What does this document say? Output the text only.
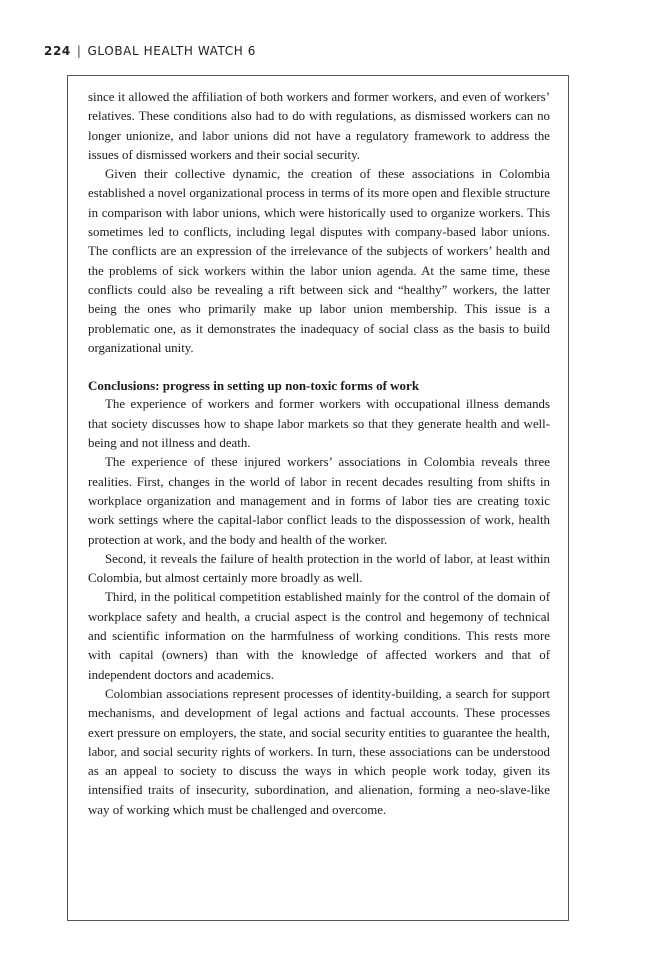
224 | GLOBAL HEALTH WATCH 6

since it allowed the affiliation of both workers and former workers, and even of workers’ relatives. These conditions also had to do with regulations, as dismissed workers can no longer unionize, and labor unions did not have a regulatory framework to address the issues of dismissed workers and their social security.

Given their collective dynamic, the creation of these associations in Colombia established a novel organizational process in terms of its more open and flexible structure in comparison with labor unions, which were historically used to organize workers. This sometimes led to conflicts, including legal disputes with company-based labor unions. The conflicts are an expression of the irrelevance of the subjects of workers’ health and the problems of sick workers within the labor union agenda. At the same time, these conflicts could also be revealing a rift between sick and “healthy” workers, the latter being the ones who primarily make up labor union membership. This issue is a problematic one, as it demonstrates the inadequacy of social class as the basis to build organizational unity.

Conclusions: progress in setting up non-toxic forms of work

The experience of workers and former workers with occupational illness demands that society discusses how to shape labor markets so that they generate health and well-being and not illness and death.

The experience of these injured workers’ associations in Colombia reveals three realities. First, changes in the world of labor in recent decades resulting from shifts in workplace organization and management and in forms of labor ties are creating toxic work settings where the capital-labor conflict leads to the dispossession of work, health protection at work, and the body and health of the worker.

Second, it reveals the failure of health protection in the world of labor, at least within Colombia, but almost certainly more broadly as well.

Third, in the political competition established mainly for the control of the domain of workplace safety and health, a crucial aspect is the control and hegemony of technical and scientific information on the harmfulness of working conditions. This rests more with capital (owners) than with the knowledge of affected workers and that of independent doctors and academics.

Colombian associations represent processes of identity-building, a search for support mechanisms, and development of legal actions and factual accounts. These processes exert pressure on employers, the state, and social security entities to guarantee the health, labor, and social security rights of workers. In turn, these associations can be understood as an appeal to society to discuss the ways in which people work today, given its intensified traits of insecurity, subordination, and alienation, forming a neo-slave-like way of working which must be challenged and overcome.
